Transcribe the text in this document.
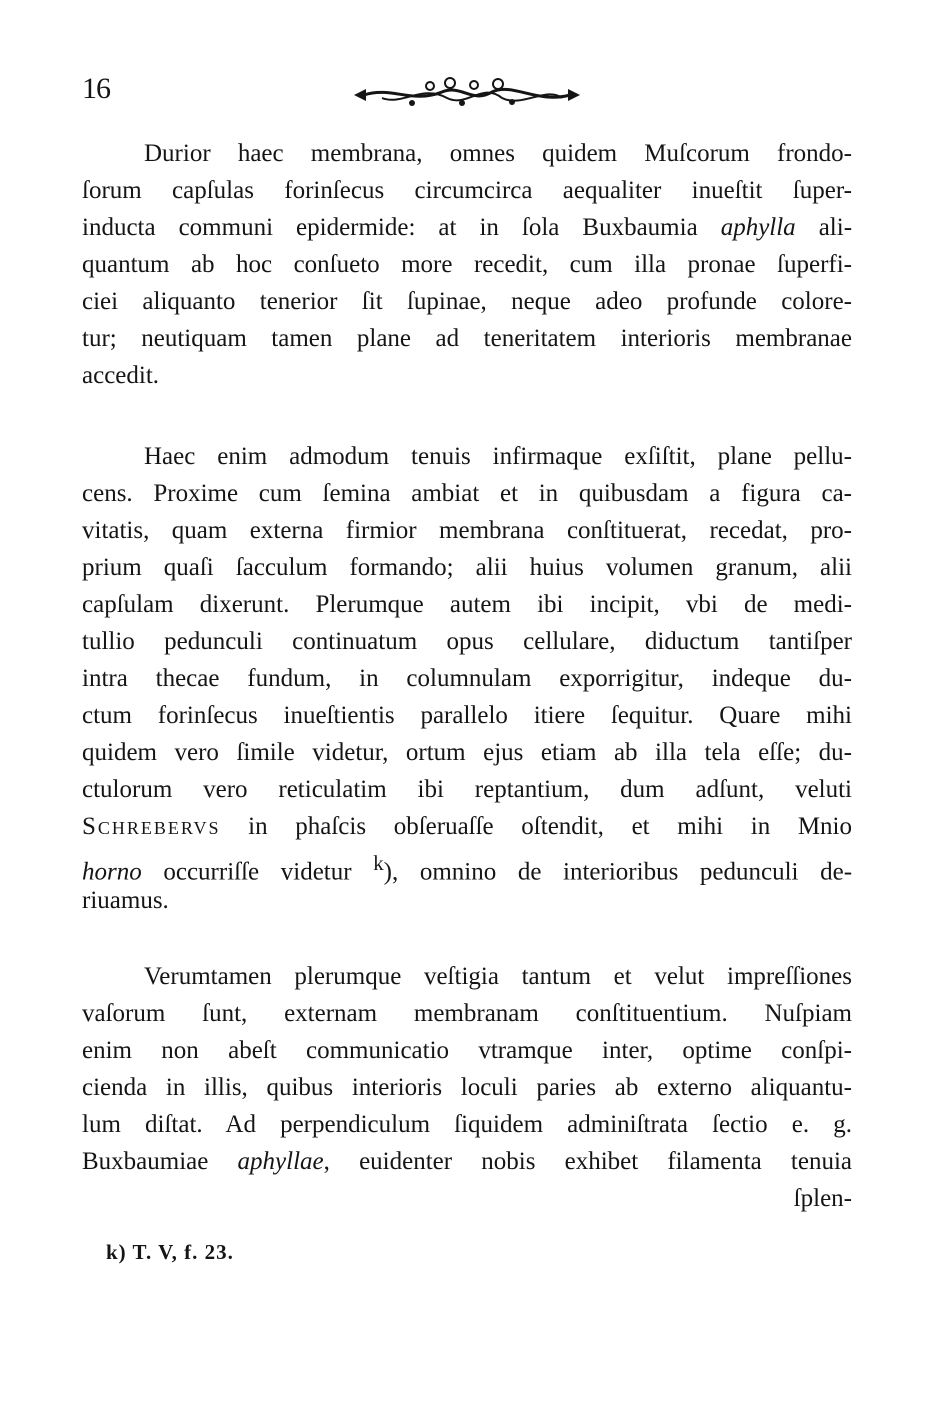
16
Durior haec membrana, omnes quidem Muſcorum frondo-
ſorum capſulas forinſecus circumcirca aequaliter inueſtit ſuper-
inducta communi epidermide: at in ſola Buxbaumia aphylla ali-
quantum ab hoc conſueto more recedit, cum illa pronae ſuperfi-
ciei aliquanto tenerior ſit ſupinae, neque adeo profunde colore-
tur; neutiquam tamen plane ad teneritatem interioris membranae
accedit.
Haec enim admodum tenuis infirmaque exſiſtit, plane pellu-
cens. Proxime cum ſemina ambiat et in quibusdam a figura ca-
vitatis, quam externa firmior membrana conſtituerat, recedat, pro-
prium quaſi ſacculum formando; alii huius volumen granum, alii
capſulam dixerunt. Plerumque autem ibi incipit, vbi de medi-
tullio pedunculi continuatum opus cellulare, diductum tantiſper
intra thecae fundum, in columnulam exporrigitur, indeque du-
ctum forinſecus inueſtientis parallelo itiere ſequitur. Quare mihi
quidem vero ſimile videtur, ortum ejus etiam ab illa tela eſſe; du-
ctulorum vero reticulatim ibi reptantium, dum adſunt, veluti
Schrebervs in phaſcis obſeruaſſe oſtendit, et mihi in Mnio
horno occurriſſe videtur $^k$), omnino de interioribus pedunculi de-
riuamus.
Verumtamen plerumque veſtigia tantum et velut impreſſiones
vaſorum ſunt, externam membranam conſtituentium. Nuſpiam
enim non abeſt communicatio vtramque inter, optime conſpi-
cienda in illis, quibus interioris loculi paries ab externo aliquantu-
lum diſtat. Ad perpendiculum ſiquidem adminiſtrata ſectio e. g.
Buxbaumiae aphyllae, euidenter nobis exhibet filamenta tenuia
ſplen-
k) T. V, f. 23.
